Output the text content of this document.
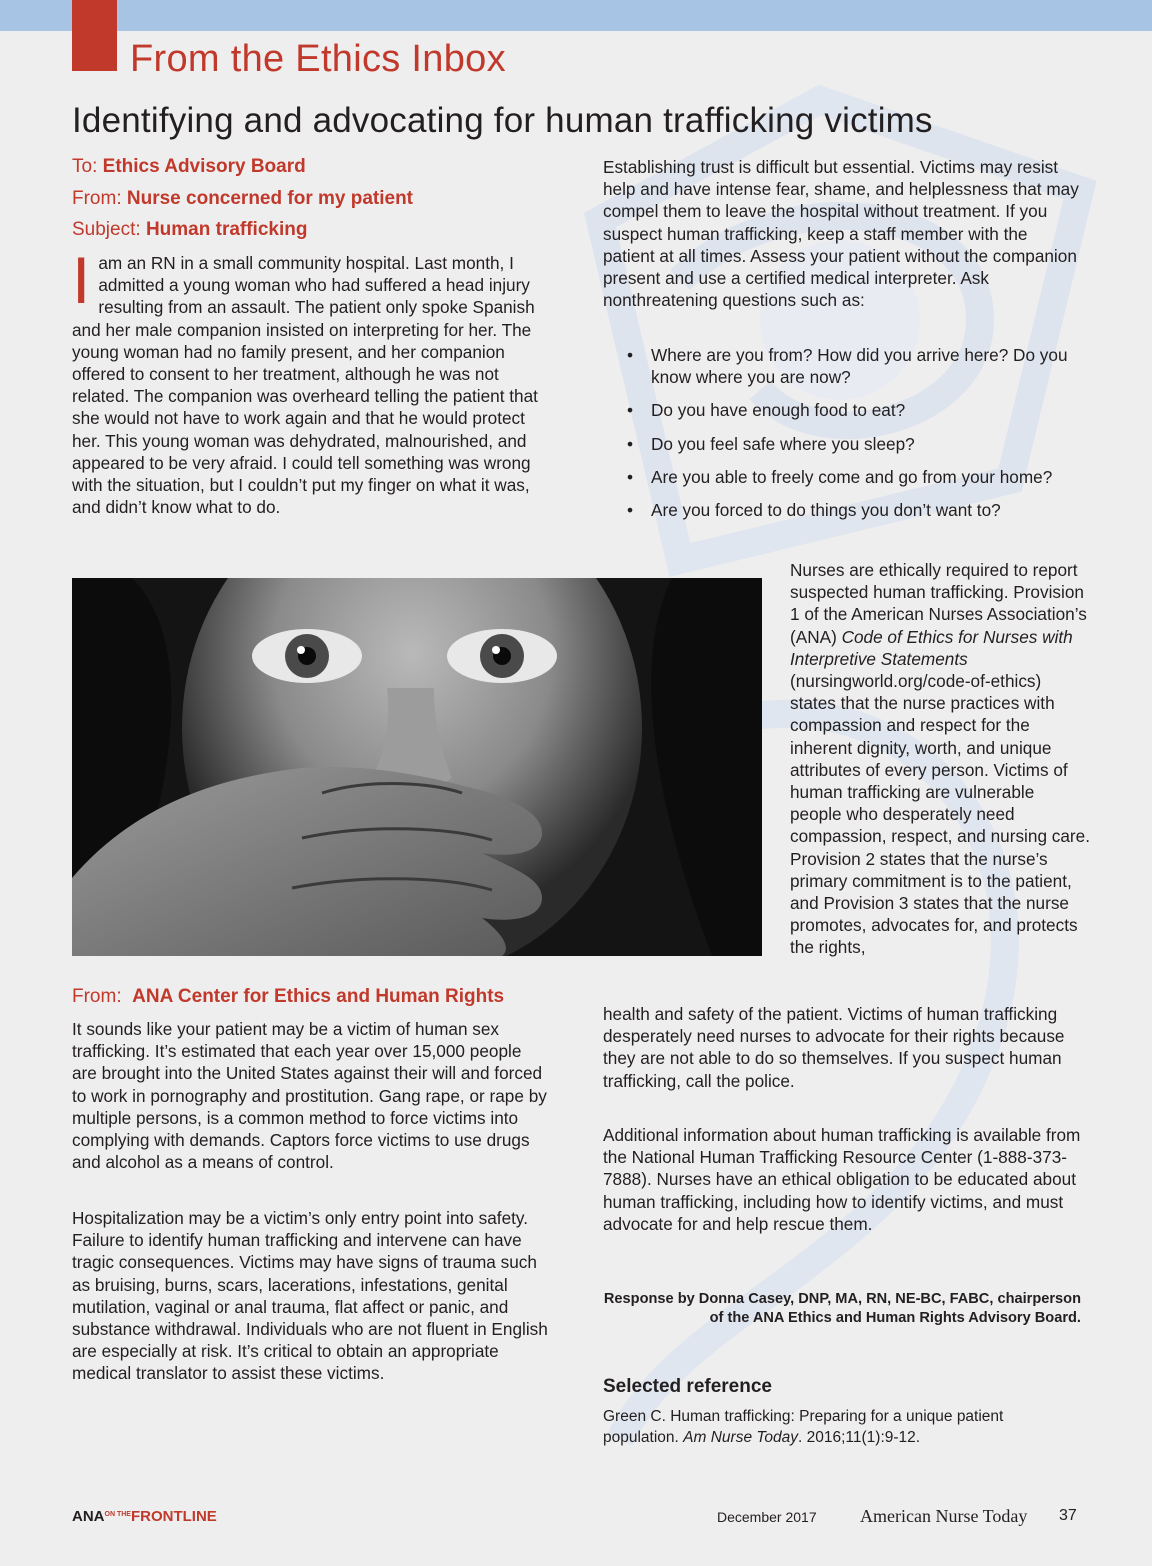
From the Ethics Inbox
Identifying and advocating for human trafficking victims

To: Ethics Advisory Board

From: Nurse concerned for my patient

Subject: Human trafficking

Iam an RN in a small community hospital. Last month, I admitted a young woman who had suffered a head injury resulting from an assault. The patient only spoke Spanish and her male companion insisted on interpreting for her. The young woman had no family present, and her companion offered to consent to her treatment, although he was not related. The companion was overheard telling the patient that she would not have to work again and that he would protect her. This young woman was dehydrated, malnourished, and appeared to be very afraid. I could tell something was wrong with the situation, but I couldn’t put my finger on what it was, and didn’t know what to do.

Establishing trust is difficult but essential. Victims may resist help and have intense fear, shame, and helplessness that may compel them to leave the hospital without treatment. If you suspect human trafficking, keep a staff member with the patient at all times. Assess your patient without the companion present and use a certified medical interpreter. Ask nonthreatening questions such as:

• Where are you from? How did you arrive here? Do you know where you are now?
• Do you have enough food to eat?
• Do you feel safe where you sleep?
• Are you able to freely come and go from your home?
• Are you forced to do things you don’t want to?

Nurses are ethically required to report suspected human trafficking. Provision 1 of the American Nurses Association’s (ANA) Code of Ethics for Nurses with Interpretive Statements (nursingworld.org/code-of-ethics) states that the nurse practices with compassion and respect for the inherent dignity, worth, and unique attributes of every person. Victims of human trafficking are vulnerable people who desperately need compassion, respect, and nursing care. Provision 2 states that the nurse’s primary commitment is to the patient, and Provision 3 states that the nurse promotes, advocates for, and protects the rights,

health and safety of the patient. Victims of human trafficking desperately need nurses to advocate for their rights because they are not able to do so themselves. If you suspect human trafficking, call the police.

Additional information about human trafficking is available from the National Human Trafficking Resource Center (1-888-373-7888). Nurses have an ethical obligation to be educated about human trafficking, including how to identify victims, and must advocate for and help rescue them.

From: ANA Center for Ethics and Human Rights

It sounds like your patient may be a victim of human sex trafficking. It’s estimated that each year over 15,000 people are brought into the United States against their will and forced to work in pornography and prostitution. Gang rape, or rape by multiple persons, is a common method to force victims into complying with demands. Captors force victims to use drugs and alcohol as a means of control.

Hospitalization may be a victim’s only entry point into safety. Failure to identify human trafficking and intervene can have tragic consequences. Victims may have signs of trauma such as bruising, burns, scars, lacerations, infestations, genital mutilation, vaginal or anal trauma, flat affect or panic, and substance withdrawal. Individuals who are not fluent in English are especially at risk. It’s critical to obtain an appropriate medical translator to assist these victims.

Response by Donna Casey, DNP, MA, RN, NE-BC, FABC, chairperson of the ANA Ethics and Human Rights Advisory Board.

Selected reference

Green C. Human trafficking: Preparing for a unique patient population. Am Nurse Today. 2016;11(1):9-12.

$ANA^{ON THE}FRONTLINE$	December 2017 American Nurse Today 37
